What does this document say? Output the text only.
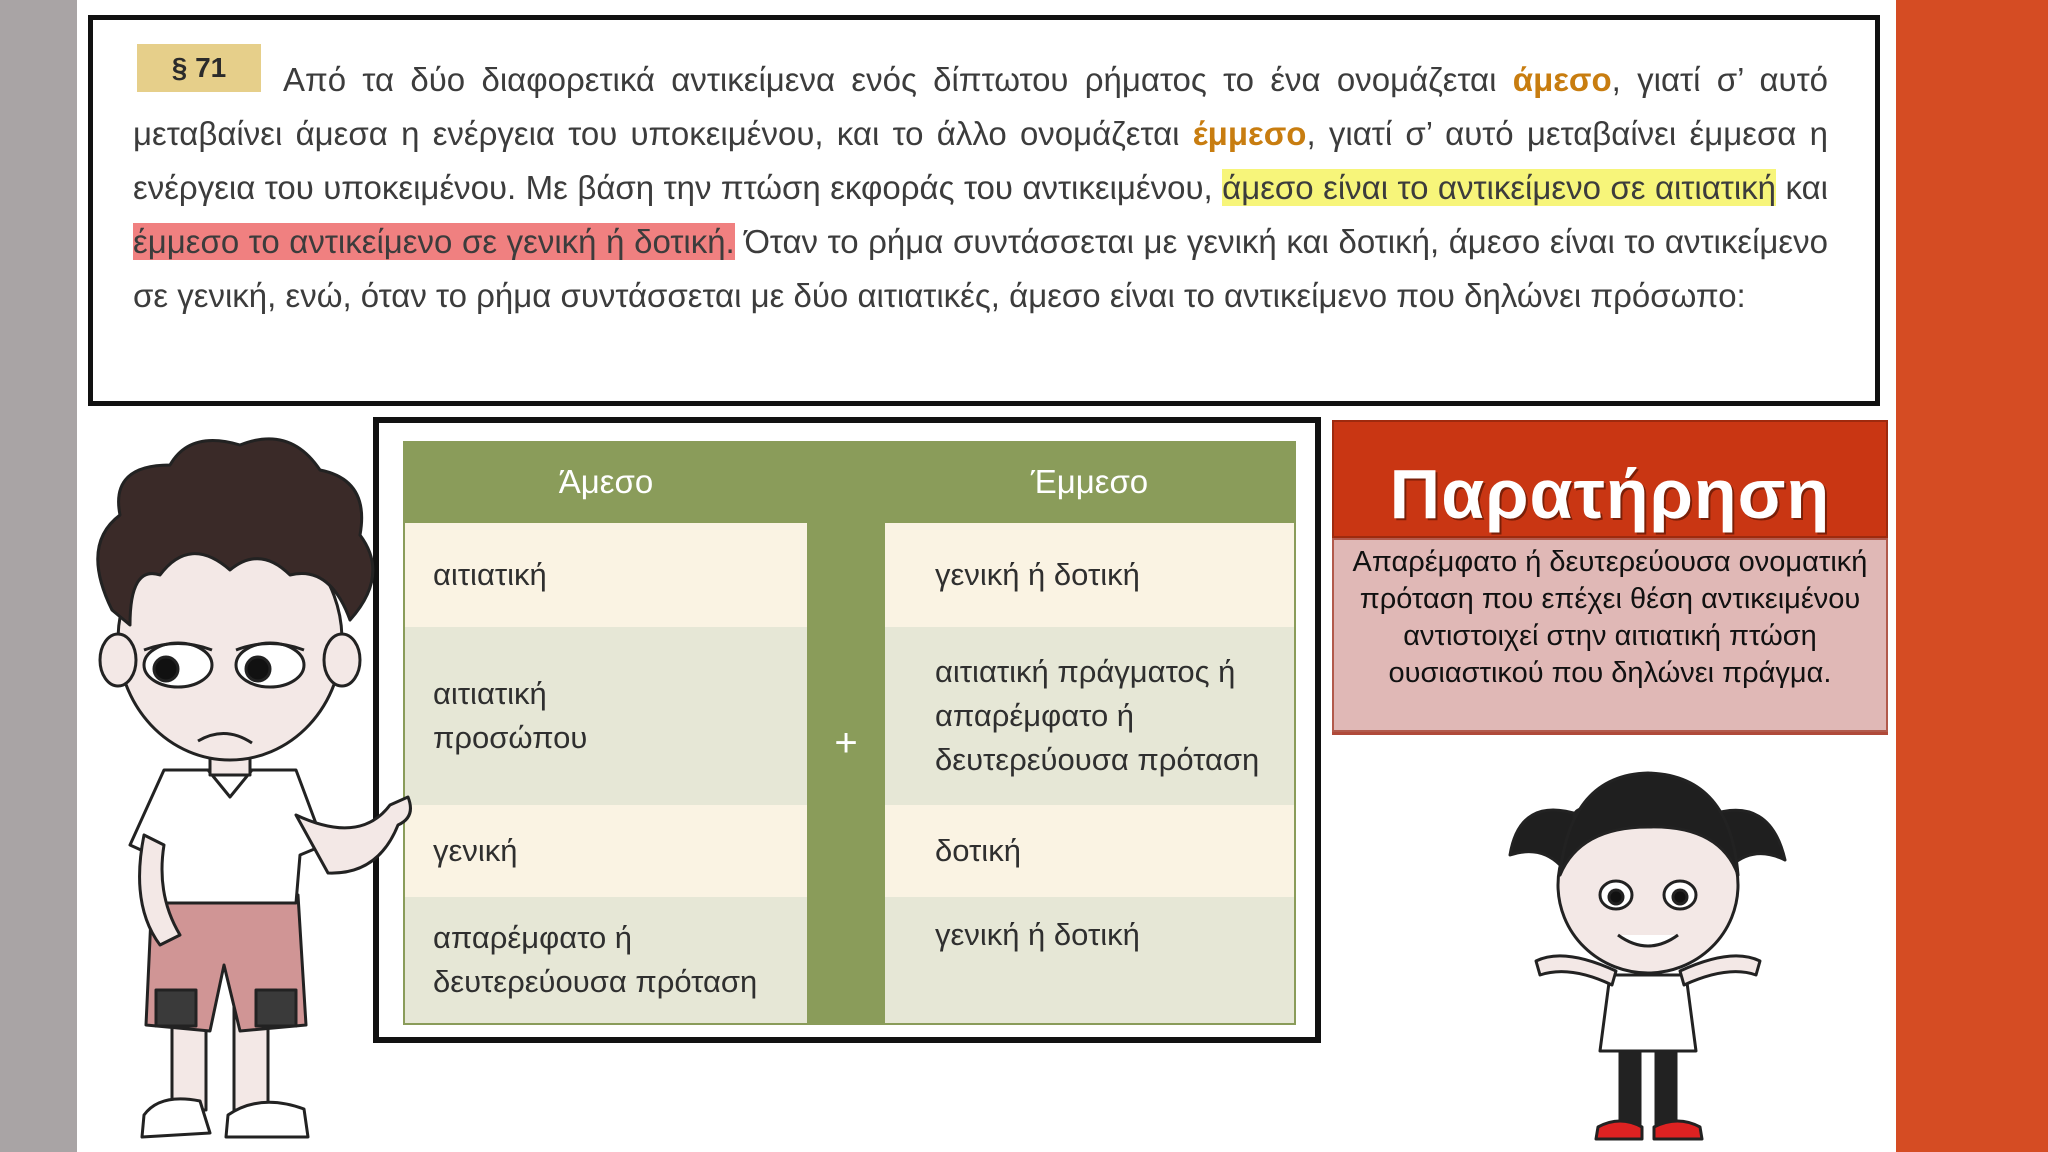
§ 71	Από τα δύο διαφορετικά αντικείμενα ενός δίπτωτου ρήματος το ένα ονομάζεται άμεσο, γιατί σ’ αυτό μεταβαίνει άμεσα η ενέργεια του υποκειμένου, και το άλλο ονομάζεται έμμεσο, γιατί σ’ αυτό μεταβαίνει έμμεσα η ενέργεια του υποκειμένου. Με βάση την πτώση εκφοράς του αντικειμένου, άμεσο είναι το αντικείμενο σε αιτιατική και έμμεσο το αντικείμενο σε γενική ή δοτική. Όταν το ρήμα συντάσσεται με γενική και δοτική, άμεσο είναι το αντικείμενο σε γενική, ενώ, όταν το ρήμα συντάσσεται με δύο αιτιατικές, άμεσο είναι το αντικείμενο που δηλώνει πρόσωπο:

Άμεσο
αιτιατική
αιτιατική προσώπου
γενική
απαρέμφατο ή δευτερεύουσα πρόταση
+
Έμμεσο
γενική ή δοτική
αιτιατική πράγματος ή απαρέμφατο ή δευτερεύουσα πρόταση
δοτική
γενική ή δοτική
Παρατήρηση
Απαρέμφατο ή δευτερεύουσα ονοματική πρόταση που επέχει θέση αντικειμένου αντιστοιχεί στην αιτιατική πτώση ουσιαστικού που δηλώνει πράγμα.
